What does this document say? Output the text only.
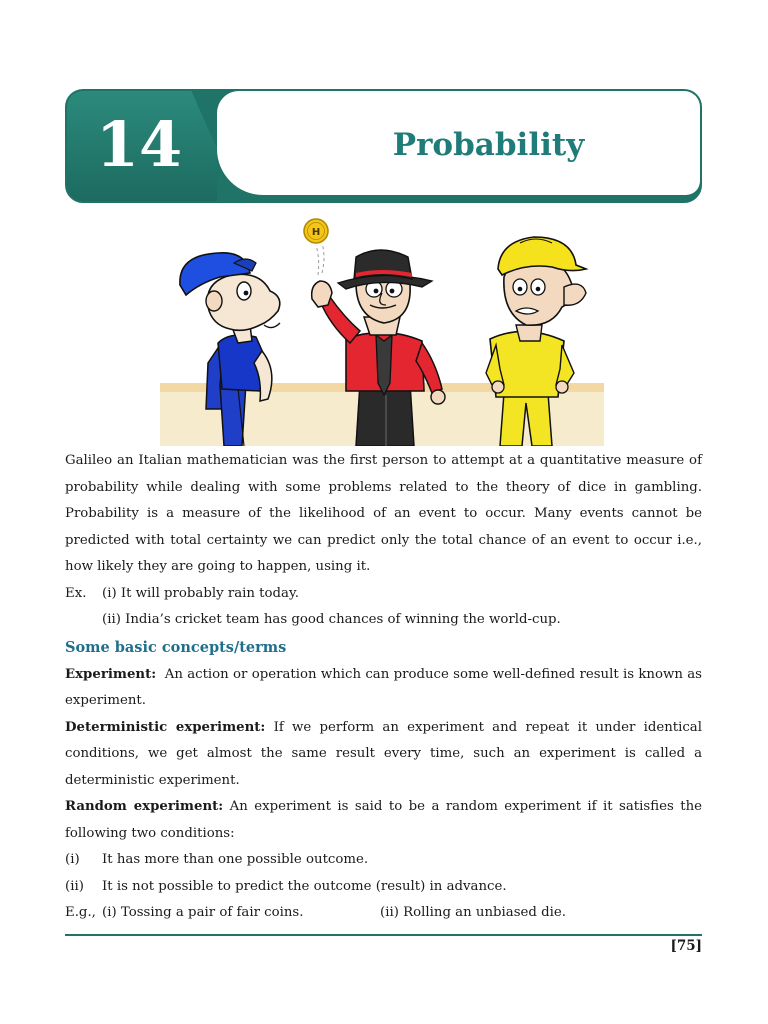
14	Probability
H

Galileo an Italian mathematician was the first person to attempt at a quantitative measure of probability while dealing with some problems related to the theory of dice in gambling. Probability is a measure of the likelihood of an event to occur. Many events cannot be predicted with total certainty we can predict only the total chance of an event to occur i.e., how likely they are going to happen, using it.

Ex.	(i) It will probably rain today.
(ii) India’s cricket team has good chances of winning the world-cup.
Some basic concepts/terms

Experiment: An action or operation which can produce some well-defined result is known as experiment.

Deterministic experiment: If we perform an experiment and repeat it under identical conditions, we get almost the same result every time, such an experiment is called a deterministic experiment.

Random experiment: An experiment is said to be a random experiment if it satisfies the following two conditions:

(i)	It has more than one possible outcome.
(ii)	It is not possible to predict the outcome (result) in advance.
E.g., (i) Tossing a pair of fair coins.	(ii) Rolling an unbiased die.
[75]
